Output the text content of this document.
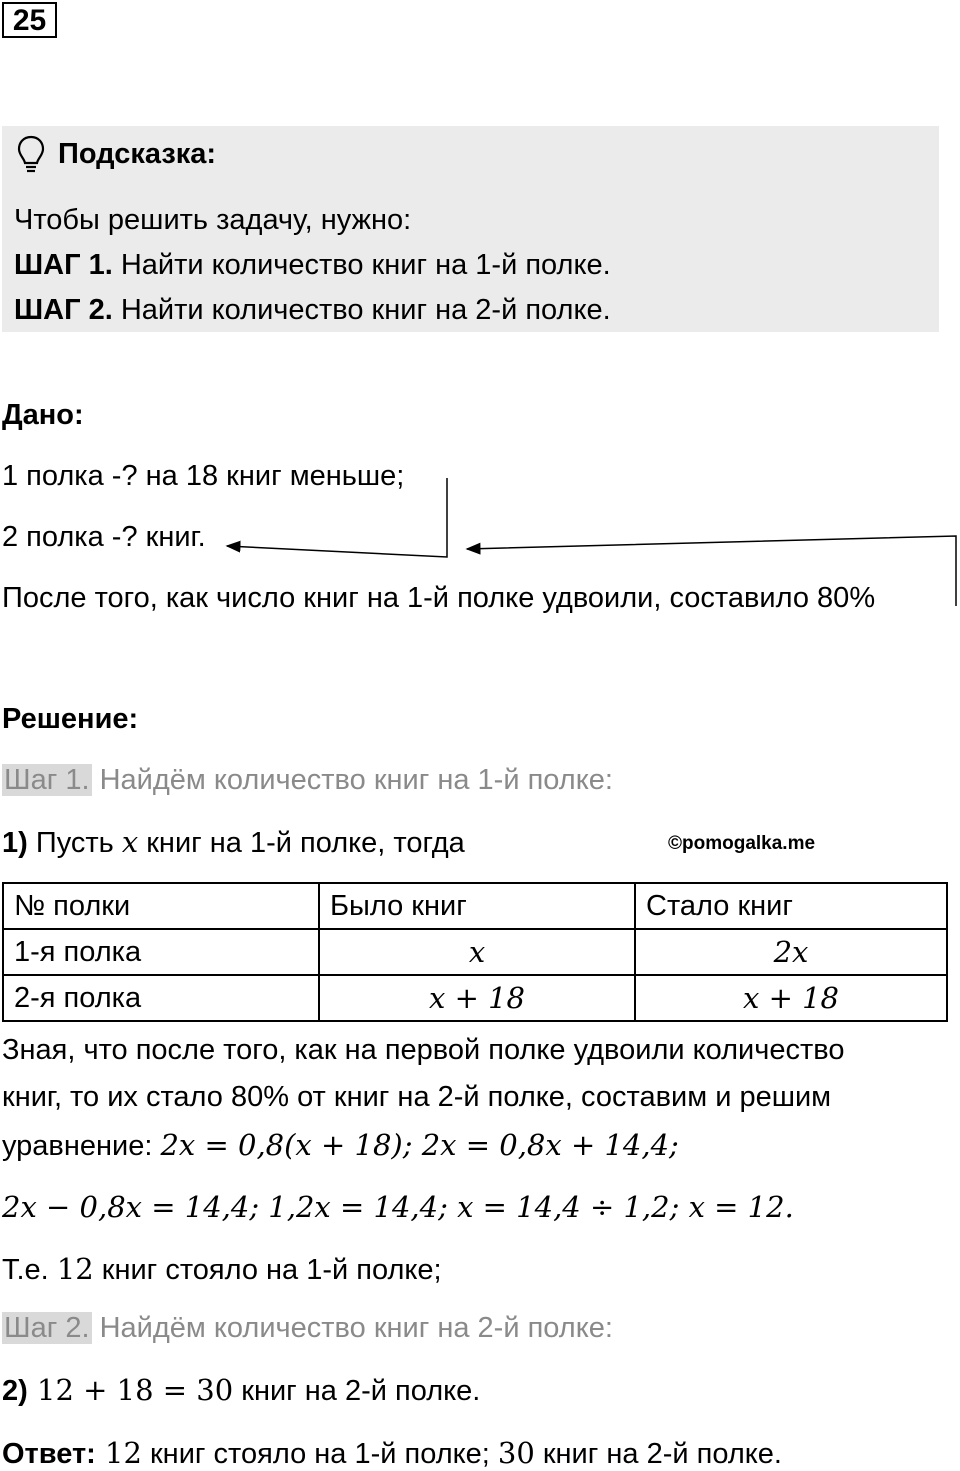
25
Подсказка:
Чтобы решить задачу, нужно:
ШАГ 1. Найти количество книг на 1-й полке.
ШАГ 2. Найти количество книг на 2-й полке.
Дано:
1 полка -? на 18 книг меньше;
2 полка -? книг.
После того, как число книг на 1-й полке удвоили, составило 80%
Решение:
Шаг 1. Найдём количество книг на 1-й полке:
1) Пусть x книг на 1-й полке, тогда	©pomogalka.me
№ полки	Было книг	Стало книг
1-я полка	x	2x
2-я полка	x + 18	x + 18
Зная, что после того, как на первой полке удвоили количество
книг, то их стало 80% от книг на 2-й полке, составим и решим
уравнение: 2x = 0,8(x + 18); 2x = 0,8x + 14,4;
2x − 0,8x = 14,4; 1,2x = 14,4; x = 14,4 ÷ 1,2; x = 12.
Т.е. 12 книг стояло на 1-й полке;
Шаг 2. Найдём количество книг на 2-й полке:
2) 12 + 18 = 30 книг на 2-й полке.
Ответ: 12 книг стояло на 1-й полке; 30 книг на 2-й полке.
